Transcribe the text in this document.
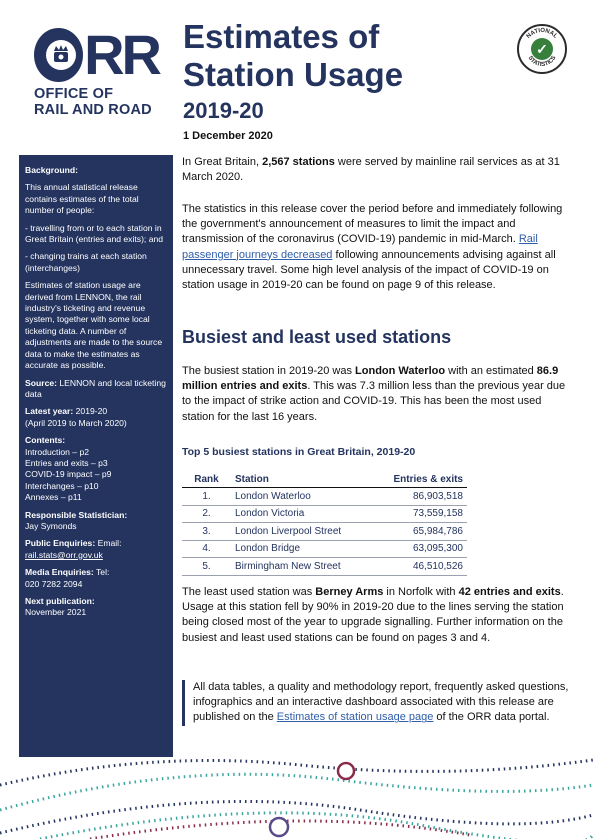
RR
OFFICE OF
RAIL AND ROAD
Estimates of
Station Usage
2019-20
1 December 2020
NATIONAL
STATISTICS
✓

Background:

This annual statistical release contains estimates of the total number of people:

- travelling from or to each station in Great Britain (entries and exits); and

- changing trains at each station (interchanges)

Estimates of station usage are derived from LENNON, the rail industry's ticketing and revenue system, together with some local ticketing data. A number of adjustments are made to the source data to make the estimates as accurate as possible.

Source: LENNON and local ticketing data

Latest year: 2019-20
(April 2019 to March 2020)

Contents:
Introduction – p2
Entries and exits – p3
COVID-19 impact – p9
Interchanges – p10
Annexes – p11
Responsible Statistician:
Jay Symonds
Public Enquiries: Email:
rail.stats@orr.gov.uk
Media Enquiries: Tel:
020 7282 2094
Next publication:
November 2021

In Great Britain, 2,567 stations were served by mainline rail services as at 31 March 2020.

The statistics in this release cover the period before and immediately following the government's announcement of measures to limit the impact and transmission of the coronavirus (COVID-19) pandemic in mid-March. Rail passenger journeys decreased following announcements advising against all unnecessary travel. Some high level analysis of the impact of COVID-19 on station usage in 2019-20 can be found on page 9 of this release.

Busiest and least used stations

The busiest station in 2019-20 was London Waterloo with an estimated 86.9 million entries and exits. This was 7.3 million less than the previous year due to the impact of strike action and COVID-19. This has been the most used station for the last 16 years.

Top 5 busiest stations in Great Britain, 2019-20
Rank	Station	Entries & exits
1.	London Waterloo	86,903,518
2.	London Victoria	73,559,158
3.	London Liverpool Street	65,984,786
4.	London Bridge	63,095,300
5.	Birmingham New Street	46,510,526

The least used station was Berney Arms in Norfolk with 42 entries and exits. Usage at this station fell by 90% in 2019-20 due to the lines serving the station being closed most of the year to upgrade signalling. Further information on the busiest and least used stations can be found on pages 3 and 4.

All data tables, a quality and methodology report, frequently asked questions, infographics and an interactive dashboard associated with this release are published on the Estimates of station usage page of the ORR data portal.
